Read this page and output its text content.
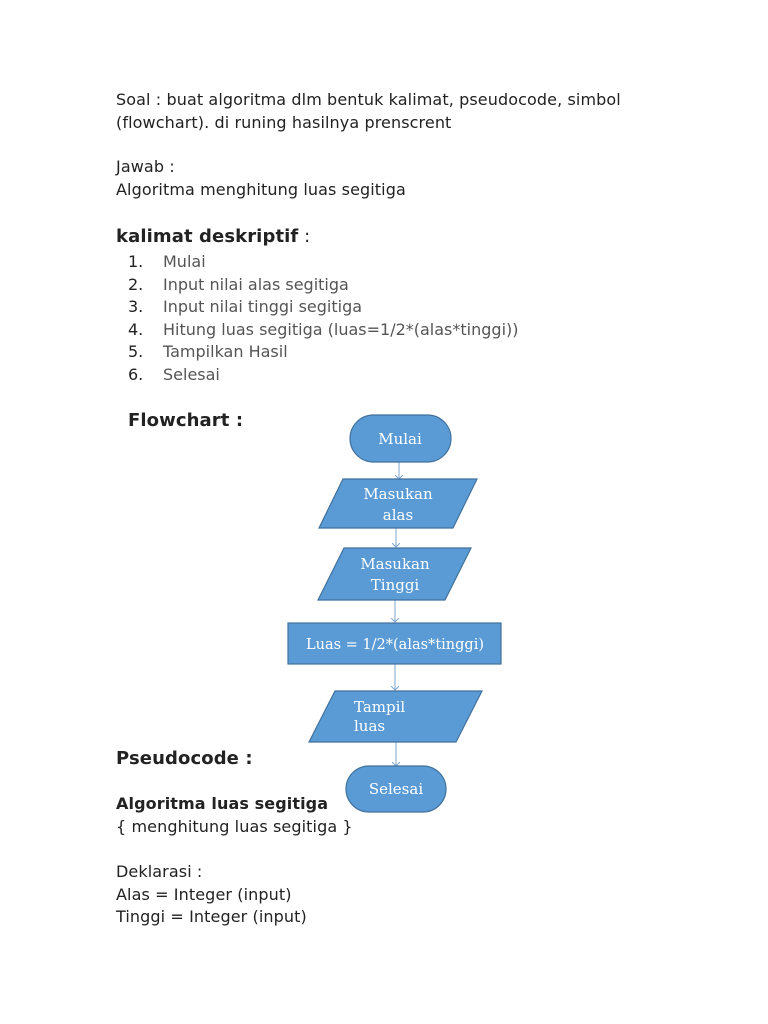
Soal : buat algoritma dlm bentuk kalimat, pseudocode, simbol
(flowchart). di runing hasilnya prenscrent
Jawab :
Algoritma menghitung luas segitiga
kalimat deskriptif :
1. Mulai
2. Input nilai alas segitiga
3. Input nilai tinggi segitiga
4. Hitung luas segitiga (luas=1/2*(alas*tinggi))
5. Tampilkan Hasil
6. Selesai
Flowchart :
Mulai
Masukan
alas
Masukan
Tinggi
Luas = 1/2*(alas*tinggi)
Tampil
luas
Selesai
Pseudocode :
Algoritma luas segitiga
{ menghitung luas segitiga }
Deklarasi :
Alas = Integer (input)
Tinggi = Integer (input)
